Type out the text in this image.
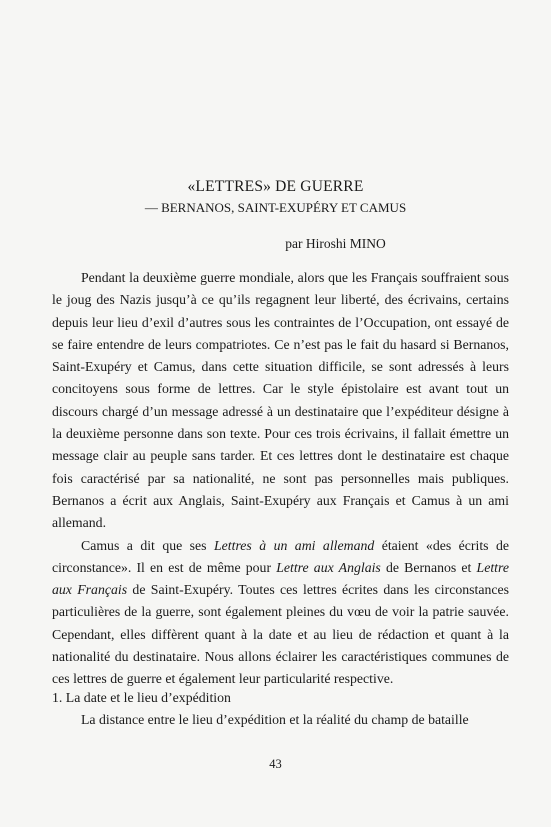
«LETTRES» DE GUERRE
— BERNANOS, SAINT-EXUPÉRY ET CAMUS
par Hiroshi MINO

Pendant la deuxième guerre mondiale, alors que les Français souffraient sous le joug des Nazis jusqu’à ce qu’ils regagnent leur liberté, des écrivains, certains depuis leur lieu d’exil d’autres sous les contraintes de l’Occupation, ont essayé de se faire entendre de leurs compatriotes. Ce n’est pas le fait du hasard si Bernanos, Saint-Exupéry et Camus, dans cette situation difficile, se sont adressés à leurs concitoyens sous forme de lettres. Car le style épistolaire est avant tout un discours chargé d’un message adressé à un destinataire que l’expéditeur désigne à la deuxième personne dans son texte. Pour ces trois écrivains, il fallait émettre un message clair au peuple sans tarder. Et ces lettres dont le destinataire est chaque fois caractérisé par sa nationalité, ne sont pas personnelles mais publiques. Bernanos a écrit aux Anglais, Saint-Exupéry aux Français et Camus à un ami allemand.

Camus a dit que ses Lettres à un ami allemand étaient «des écrits de circonstance». Il en est de même pour Lettre aux Anglais de Bernanos et Lettre aux Français de Saint-Exupéry. Toutes ces lettres écrites dans les circonstances particulières de la guerre, sont également pleines du vœu de voir la patrie sauvée. Cependant, elles diffèrent quant à la date et au lieu de rédaction et quant à la nationalité du destinataire. Nous allons éclairer les caractéristiques communes de ces lettres de guerre et également leur particularité respective.

1. La date et le lieu d’expédition
La distance entre le lieu d’expédition et la réalité du champ de bataille
43
